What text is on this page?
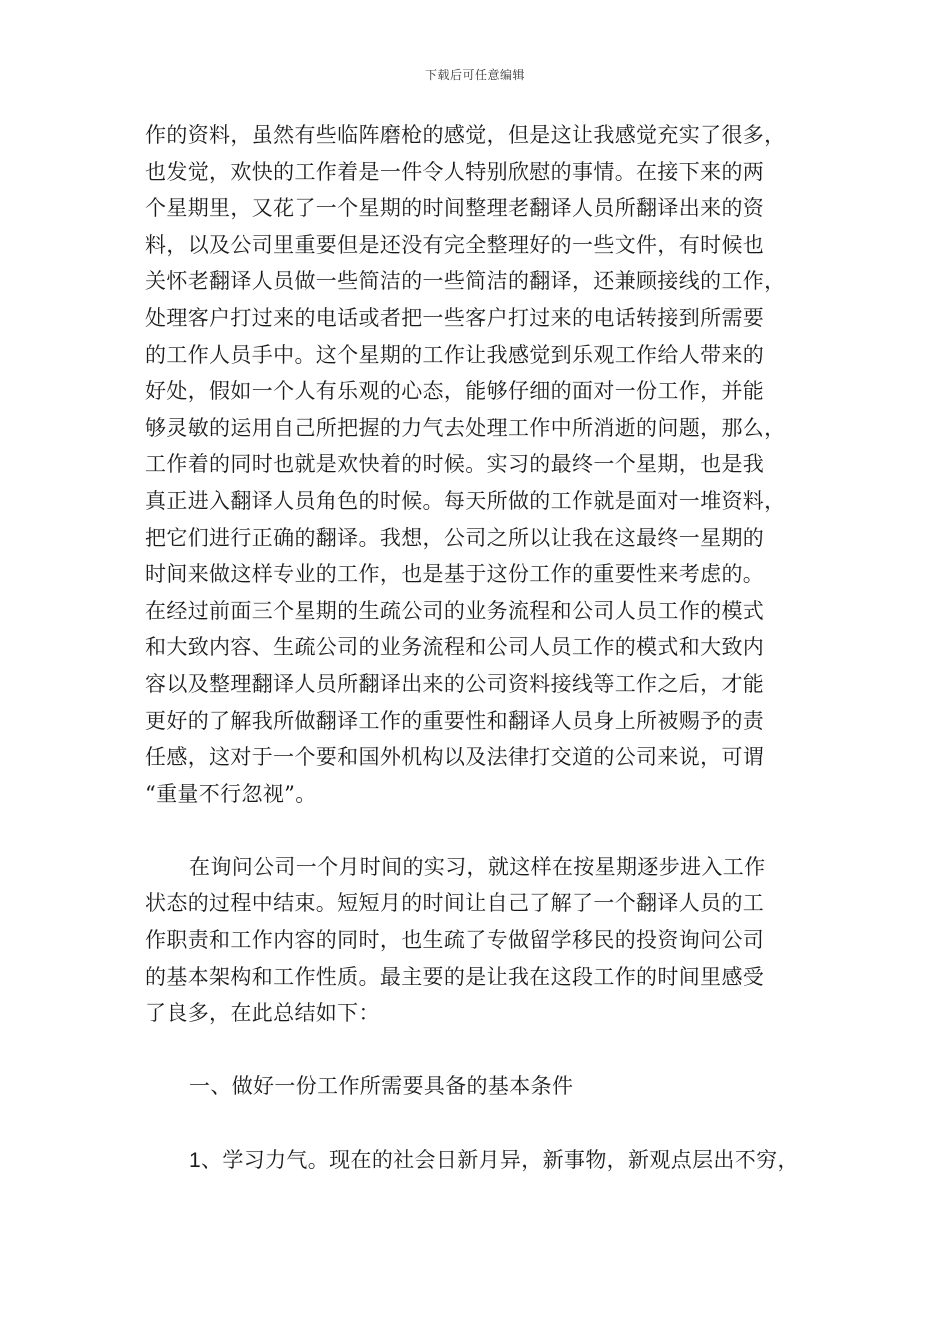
下载后可任意编辑
作的资料，虽然有些临阵磨枪的感觉，但是这让我感觉充实了很多，
也发觉，欢快的工作着是一件令人特别欣慰的事情。在接下来的两
个星期里，又花了一个星期的时间整理老翻译人员所翻译出来的资
料，以及公司里重要但是还没有完全整理好的一些文件，有时候也
关怀老翻译人员做一些简洁的一些简洁的翻译，还兼顾接线的工作，
处理客户打过来的电话或者把一些客户打过来的电话转接到所需要
的工作人员手中。这个星期的工作让我感觉到乐观工作给人带来的
好处，假如一个人有乐观的心态，能够仔细的面对一份工作，并能
够灵敏的运用自己所把握的力气去处理工作中所消逝的问题，那么，
工作着的同时也就是欢快着的时候。实习的最终一个星期，也是我
真正进入翻译人员角色的时候。每天所做的工作就是面对一堆资料，
把它们进行正确的翻译。我想，公司之所以让我在这最终一星期的
时间来做这样专业的工作，也是基于这份工作的重要性来考虑的。
在经过前面三个星期的生疏公司的业务流程和公司人员工作的模式
和大致内容、生疏公司的业务流程和公司人员工作的模式和大致内
容以及整理翻译人员所翻译出来的公司资料接线等工作之后，才能
更好的了解我所做翻译工作的重要性和翻译人员身上所被赐予的责
任感，这对于一个要和国外机构以及法律打交道的公司来说，可谓
“重量不行忽视”。
在询问公司一个月时间的实习，就这样在按星期逐步进入工作
状态的过程中结束。短短月的时间让自己了解了一个翻译人员的工
作职责和工作内容的同时，也生疏了专做留学移民的投资询问公司
的基本架构和工作性质。最主要的是让我在这段工作的时间里感受
了良多，在此总结如下：
一、做好一份工作所需要具备的基本条件
1、学习力气。现在的社会日新月异，新事物，新观点层出不穷，
